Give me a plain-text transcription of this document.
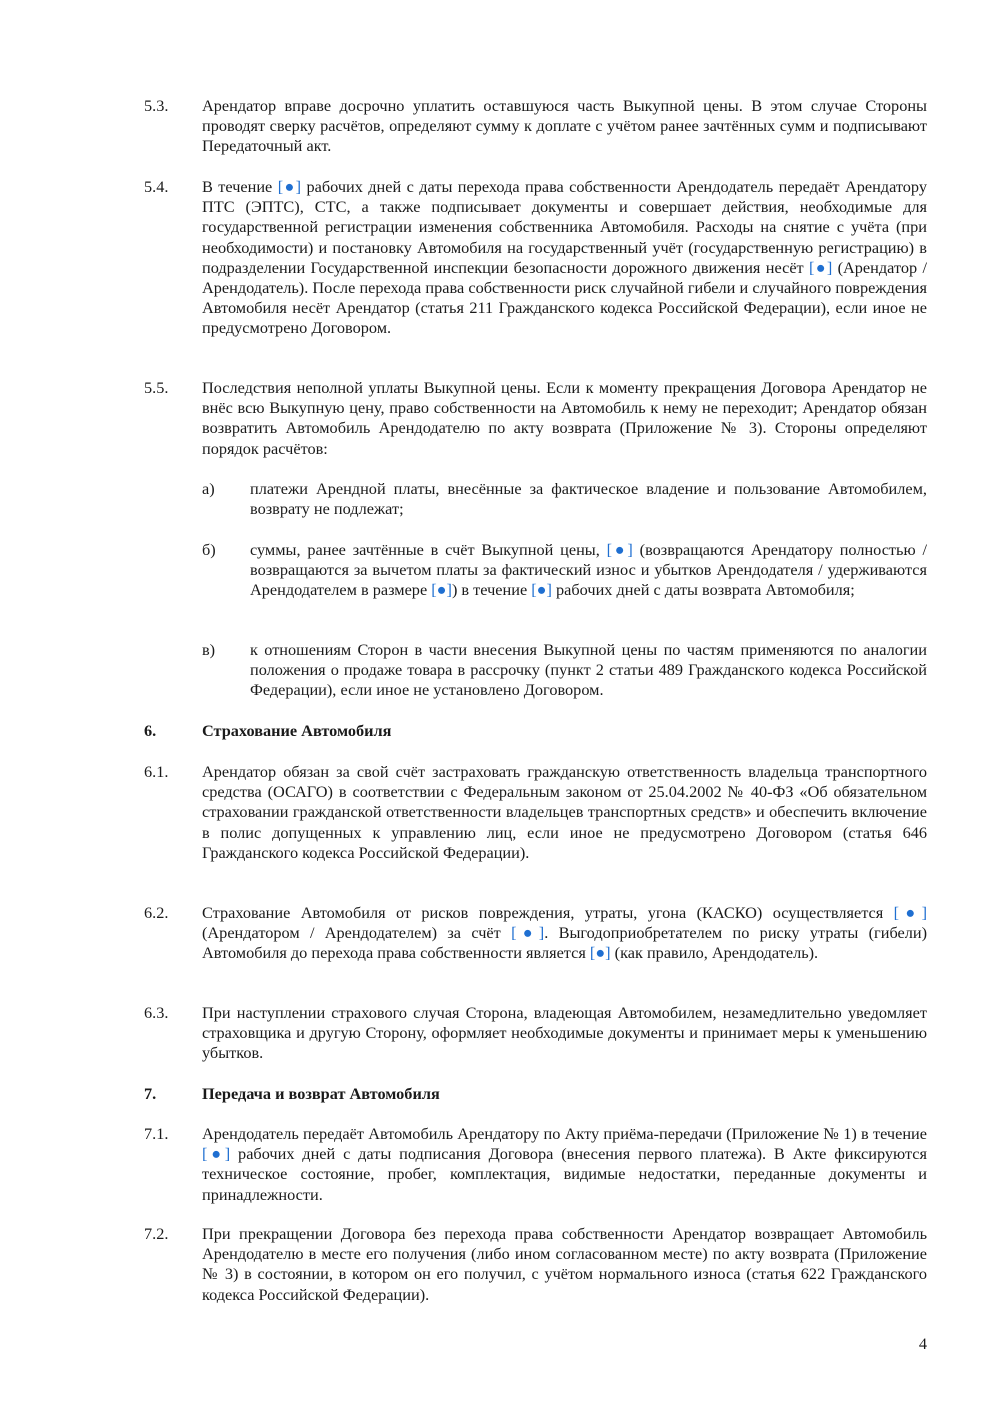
5.3. Арендатор вправе досрочно уплатить оставшуюся часть Выкупной цены. В этом случае Стороны проводят сверку расчётов, определяют сумму к доплате с учётом ранее зачтённых сумм и подписывают Передаточный акт.
5.4. В течение [●] рабочих дней с даты перехода права собственности Арендодатель передаёт Арендатору ПТС (ЭПТС), СТС, а также подписывает документы и совершает действия, необходимые для государственной регистрации изменения собственника Автомобиля. Расходы на снятие с учёта (при необходимости) и постановку Автомобиля на государственный учёт (государственную регистрацию) в подразделении Государственной инспекции безопасности дорожного движения несёт [●] (Арендатор / Арендодатель). После перехода права собственности риск случайной гибели и случайного повреждения Автомобиля несёт Арендатор (статья 211 Гражданского кодекса Российской Федерации), если иное не предусмотрено Договором.
5.5. Последствия неполной уплаты Выкупной цены. Если к моменту прекращения Договора Арендатор не внёс всю Выкупную цену, право собственности на Автомобиль к нему не переходит; Арендатор обязан возвратить Автомобиль Арендодателю по акту возврата (Приложение № 3). Стороны определяют порядок расчётов:
а) платежи Арендной платы, внесённые за фактическое владение и пользование Автомобилем, возврату не подлежат;
б) суммы, ранее зачтённые в счёт Выкупной цены, [●] (возвращаются Арендатору полностью / возвращаются за вычетом платы за фактический износ и убытков Арендодателя / удерживаются Арендодателем в размере [●]) в течение [●] рабочих дней с даты возврата Автомобиля;
в) к отношениям Сторон в части внесения Выкупной цены по частям применяются по аналогии положения о продаже товара в рассрочку (пункт 2 статьи 489 Гражданского кодекса Российской Федерации), если иное не установлено Договором.
6.	Страхование Автомобиля
6.1. Арендатор обязан за свой счёт застраховать гражданскую ответственность владельца транспортного средства (ОСАГО) в соответствии с Федеральным законом от 25.04.2002 № 40-ФЗ «Об обязательном страховании гражданской ответственности владельцев транспортных средств» и обеспечить включение в полис допущенных к управлению лиц, если иное не предусмотрено Договором (статья 646 Гражданского кодекса Российской Федерации).
6.2. Страхование Автомобиля от рисков повреждения, утраты, угона (КАСКО) осуществляется [●] (Арендатором / Арендодателем) за счёт [●]. Выгодоприобретателем по риску утраты (гибели) Автомобиля до перехода права собственности является [●] (как правило, Арендодатель).
6.3. При наступлении страхового случая Сторона, владеющая Автомобилем, незамедлительно уведомляет страховщика и другую Сторону, оформляет необходимые документы и принимает меры к уменьшению убытков.
7.	Передача и возврат Автомобиля
7.1. Арендодатель передаёт Автомобиль Арендатору по Акту приёма-передачи (Приложение № 1) в течение [●] рабочих дней с даты подписания Договора (внесения первого платежа). В Акте фиксируются техническое состояние, пробег, комплектация, видимые недостатки, переданные документы и принадлежности.
7.2. При прекращении Договора без перехода права собственности Арендатор возвращает Автомобиль Арендодателю в месте его получения (либо ином согласованном месте) по акту возврата (Приложение № 3) в состоянии, в котором он его получил, с учётом нормального износа (статья 622 Гражданского кодекса Российской Федерации).
4
